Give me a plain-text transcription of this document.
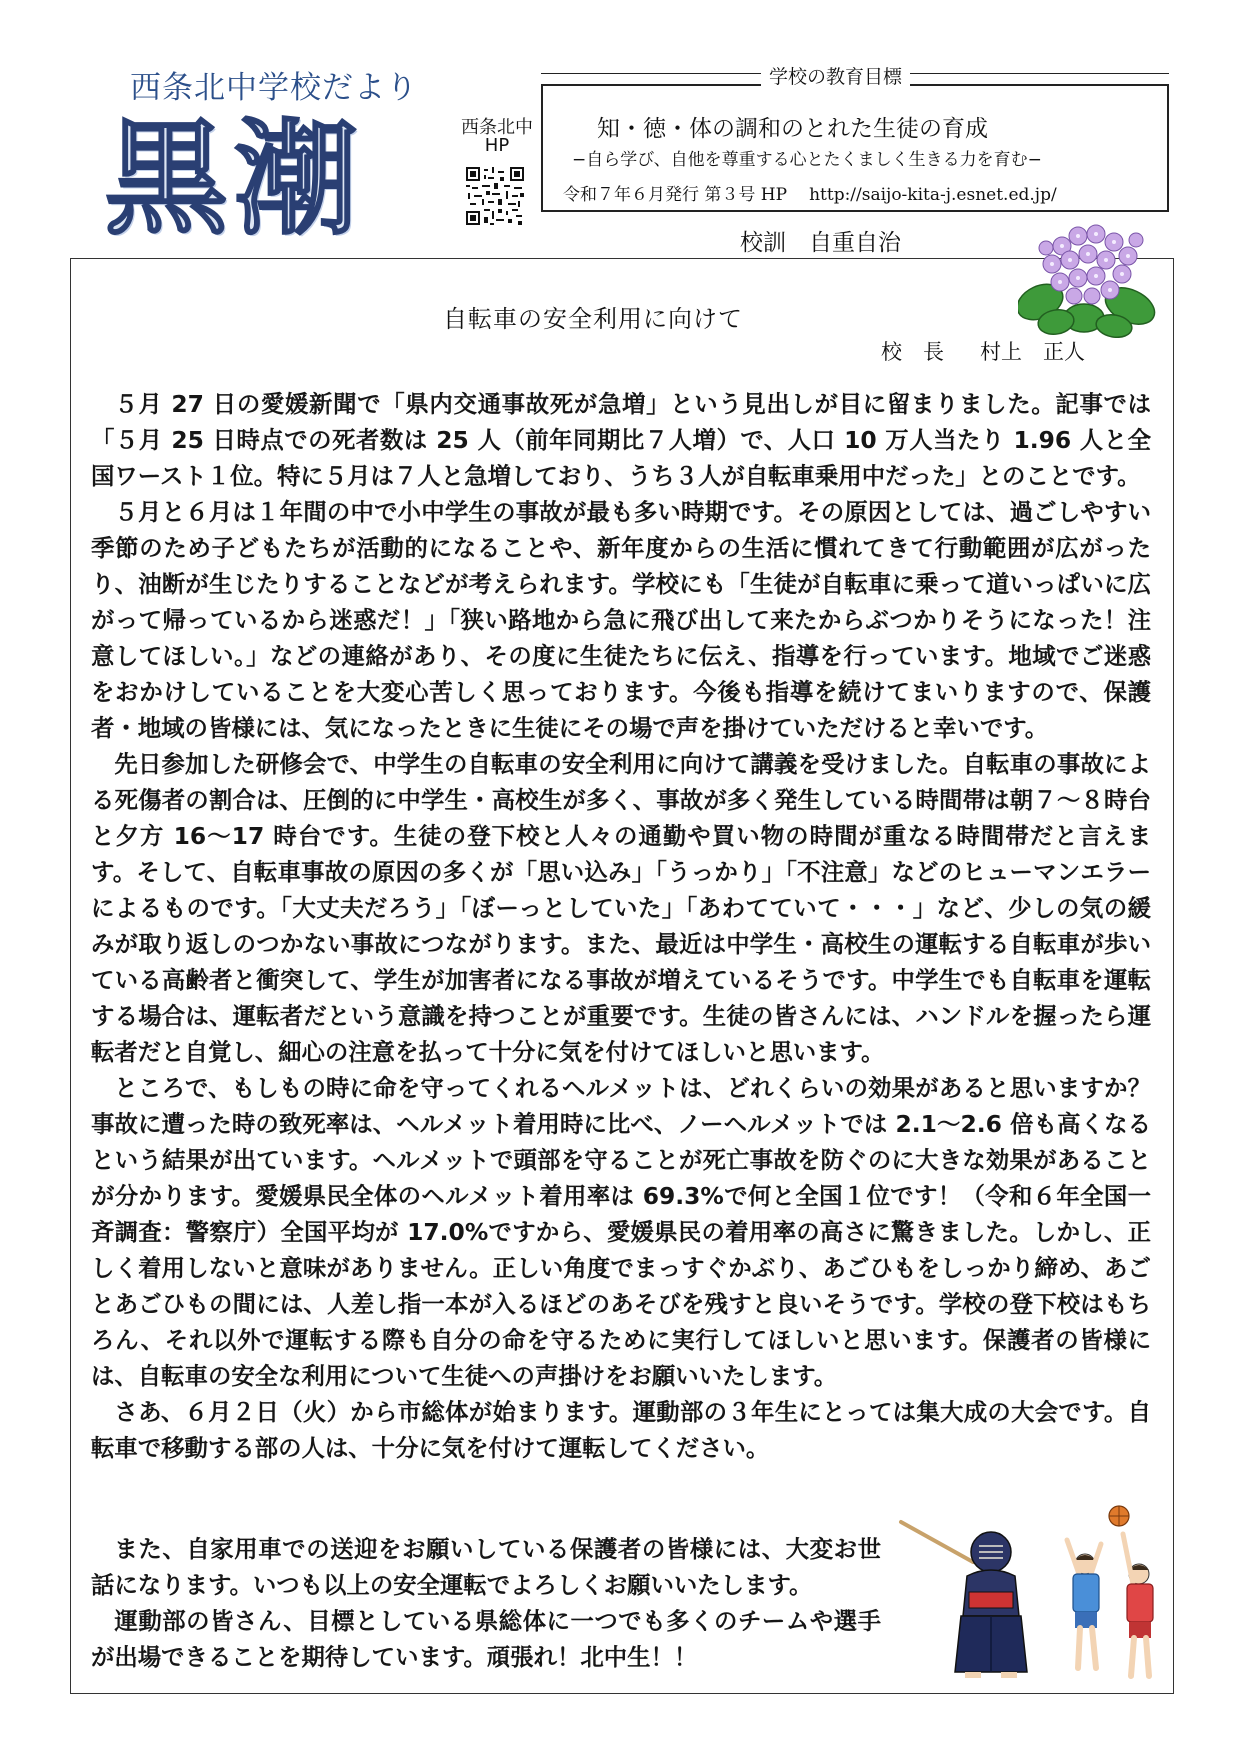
西条北中学校だより
黒潮	西条北中
HP
学校の教育目標
知・徳・体の調和のとれた生徒の育成
−自ら学び、自他を尊重する心とたくましく生きる力を育む−
令和７年６月発行 第３号 HP http://saijo-kita-j.esnet.ed.jp/
校訓　自重自治
自転車の安全利用に向けて
校　長 村上　正人

５月 27 日の愛媛新聞で「県内交通事故死が急増」という見出しが目に留まりました。記事では「５月 25 日時点での死者数は 25 人（前年同期比７人増）で、人口 10 万人当たり 1.96 人と全国ワースト１位。特に５月は７人と急増しており、うち３人が自転車乗用中だった」とのことです。

５月と６月は１年間の中で小中学生の事故が最も多い時期です。その原因としては、過ごしやすい季節のため子どもたちが活動的になることや、新年度からの生活に慣れてきて行動範囲が広がったり、油断が生じたりすることなどが考えられます。学校にも「生徒が自転車に乗って道いっぱいに広がって帰っているから迷惑だ！」「狭い路地から急に飛び出して来たからぶつかりそうになった！注意してほしい。」などの連絡があり、その度に生徒たちに伝え、指導を行っています。地域でご迷惑をおかけしていることを大変心苦しく思っております。今後も指導を続けてまいりますので、保護者・地域の皆様には、気になったときに生徒にその場で声を掛けていただけると幸いです。

先日参加した研修会で、中学生の自転車の安全利用に向けて講義を受けました。自転車の事故による死傷者の割合は、圧倒的に中学生・高校生が多く、事故が多く発生している時間帯は朝７〜８時台と夕方 16〜17 時台です。生徒の登下校と人々の通勤や買い物の時間が重なる時間帯だと言えます。そして、自転車事故の原因の多くが「思い込み」「うっかり」「不注意」などのヒューマンエラーによるものです。「大丈夫だろう」「ぼーっとしていた」「あわてていて・・・」など、少しの気の緩みが取り返しのつかない事故につながります。また、最近は中学生・高校生の運転する自転車が歩いている高齢者と衝突して、学生が加害者になる事故が増えているそうです。中学生でも自転車を運転する場合は、運転者だという意識を持つことが重要です。生徒の皆さんには、ハンドルを握ったら運転者だと自覚し、細心の注意を払って十分に気を付けてほしいと思います。

ところで、もしもの時に命を守ってくれるヘルメットは、どれくらいの効果があると思いますか？事故に遭った時の致死率は、ヘルメット着用時に比べ、ノーヘルメットでは 2.1〜2.6 倍も高くなるという結果が出ています。ヘルメットで頭部を守ることが死亡事故を防ぐのに大きな効果があることが分かります。愛媛県民全体のヘルメット着用率は 69.3%で何と全国１位です！（令和６年全国一斉調査：警察庁）全国平均が 17.0%ですから、愛媛県民の着用率の高さに驚きました。しかし、正しく着用しないと意味がありません。正しい角度でまっすぐかぶり、あごひもをしっかり締め、あごとあごひもの間には、人差し指一本が入るほどのあそびを残すと良いそうです。学校の登下校はもちろん、それ以外で運転する際も自分の命を守るために実行してほしいと思います。保護者の皆様には、自転車の安全な利用について生徒への声掛けをお願いいたします。

さあ、６月２日（火）から市総体が始まります。運動部の３年生にとっては集大成の大会です。自転車で移動する部の人は、十分に気を付けて運転してください。

また、自家用車での送迎をお願いしている保護者の皆様には、大変お世話になります。いつも以上の安全運転でよろしくお願いいたします。

運動部の皆さん、目標としている県総体に一つでも多くのチームや選手が出場できることを期待しています。頑張れ！北中生！！
